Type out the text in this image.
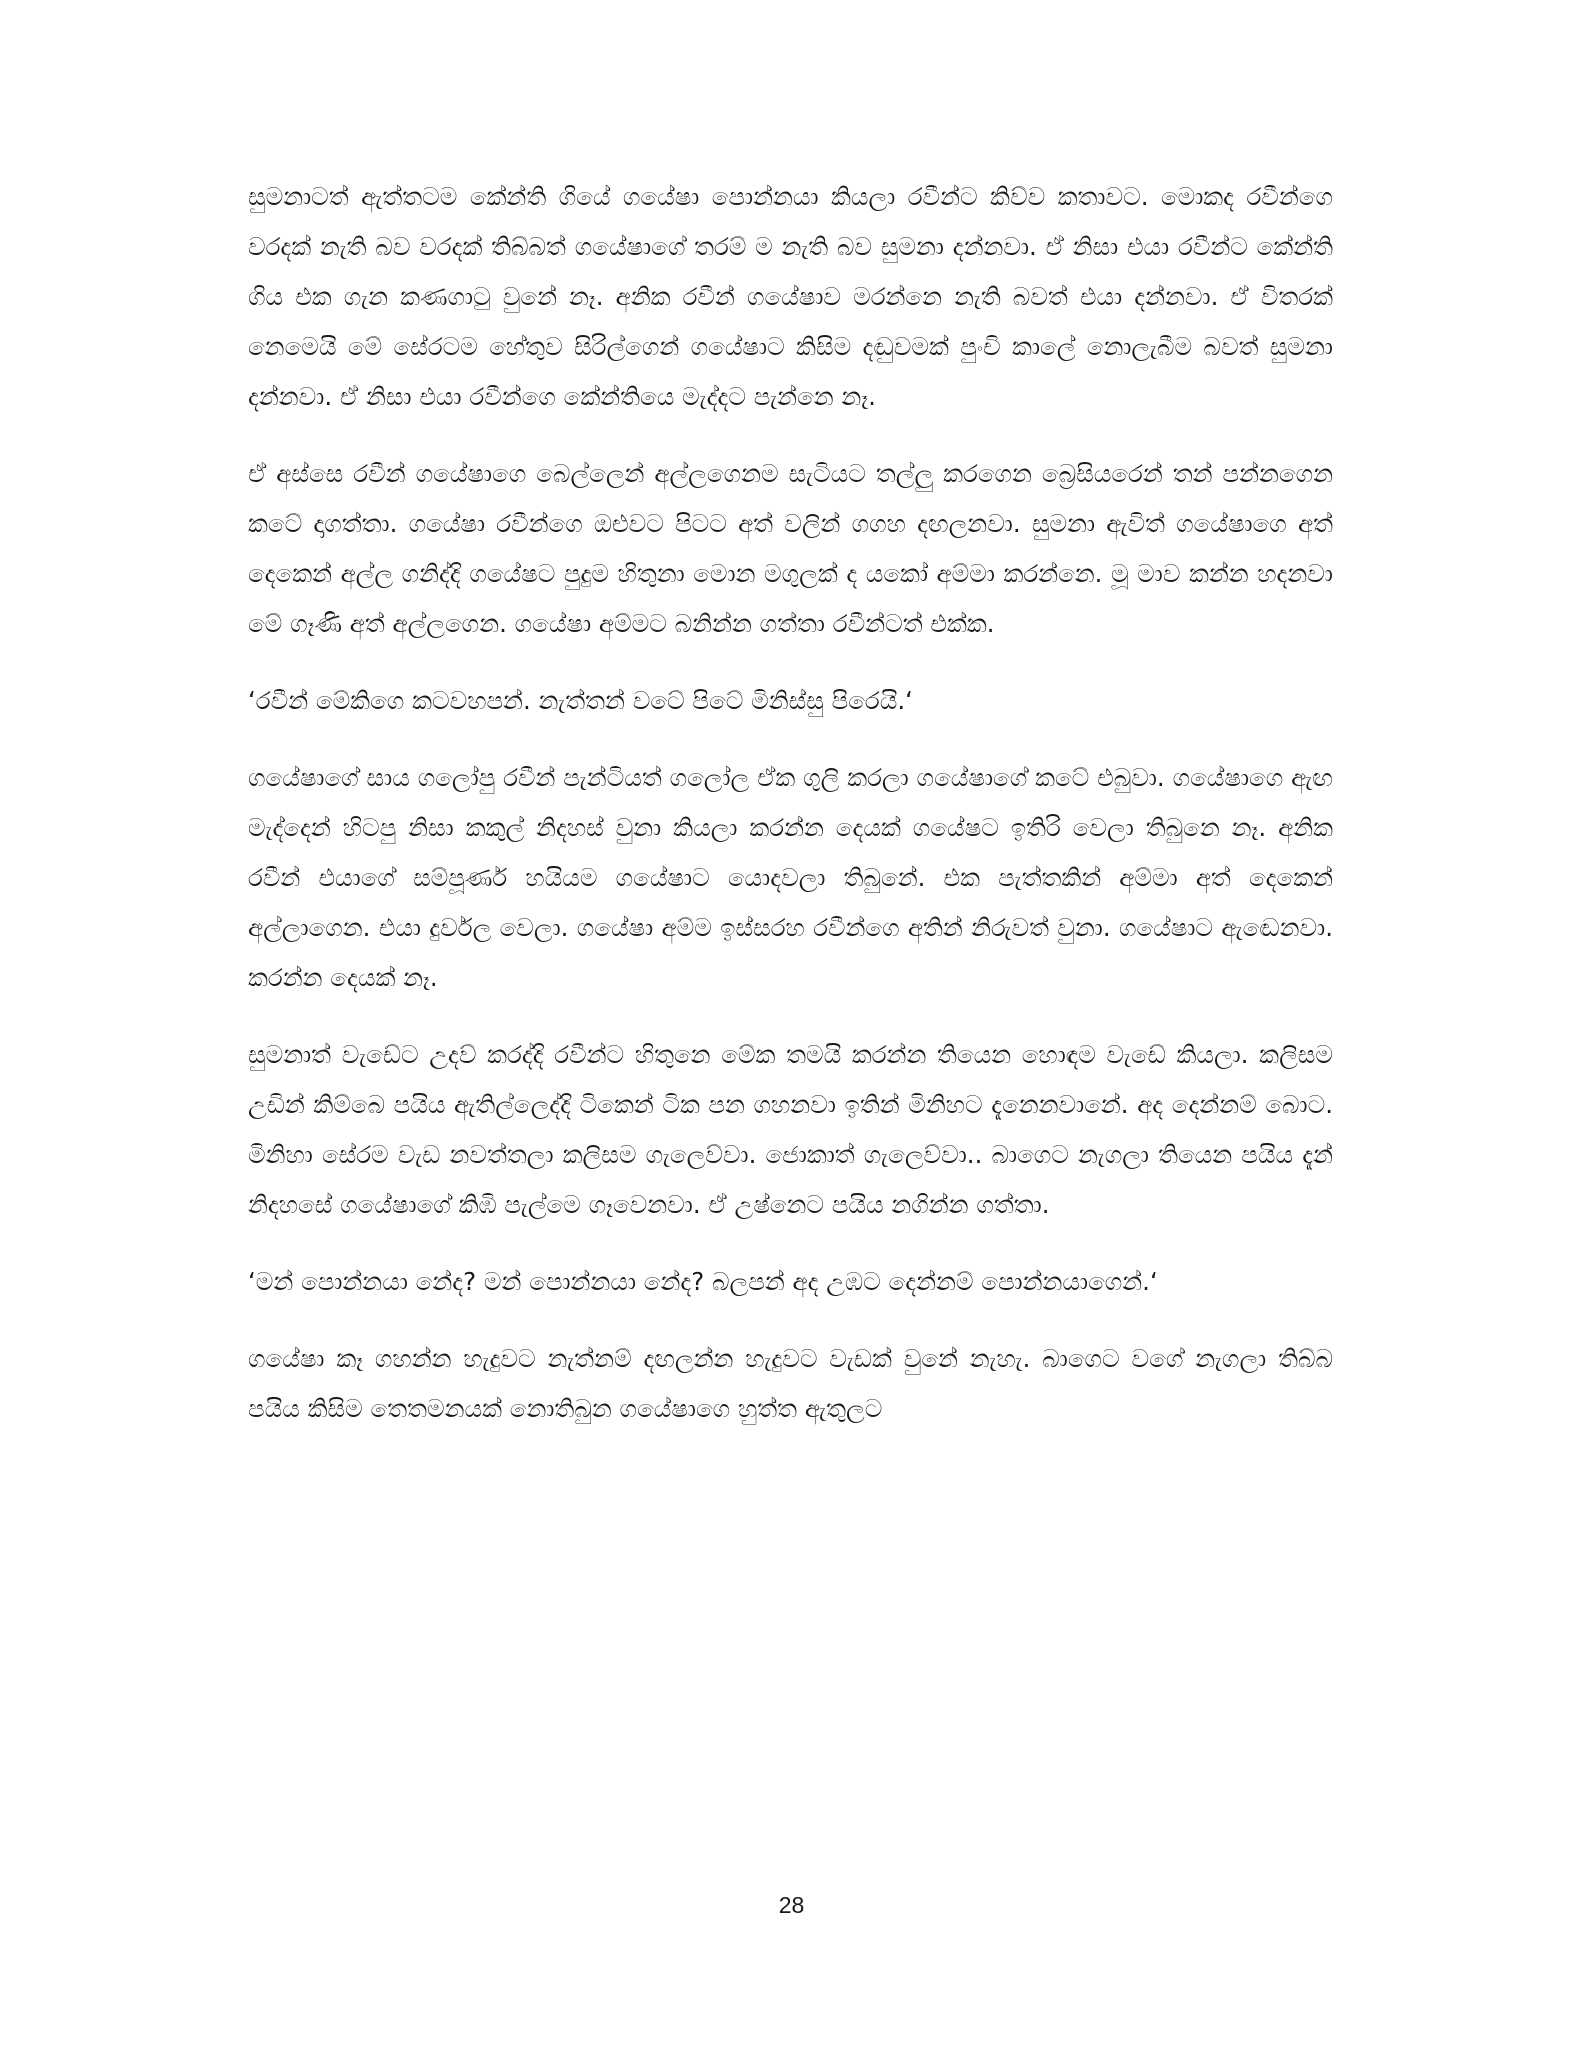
සුමනාටත් ඇත්තටම කේන්ති ගියේ ගයේෂා පොන්නයා කියලා රවීන්ට කිව්ව කතාවට. මොකද රවීන්ගෙ වරදක් නැති බව වරදක් තිබ්බත් ගයේෂාගේ තරම් ම නැති බව සුමනා දන්නවා. ඒ නිසා එයා රවීන්ට කේන්ති ගිය එක ගැන කණගාටු වුනේ නෑ. අනික රවීන් ගයේෂාව මරන්නෙ නැති බවත් එයා දන්නවා. ඒ විතරක් නෙමෙයි මේ සේරටම හේතුව සිරිල්ගෙන් ගයේෂාට කිසිම දඬුවමක් පුංචි කාලේ නොලැබීම බවත් සුමනා දන්නවා. ඒ නිසා එයා රවීන්ගෙ කේන්තියෙ මැද්දට පැන්නෙ නෑ.

ඒ අස්සෙ රවීන් ගයේෂාගෙ බෙල්ලෙන් අල්ලගෙනම සැටියට තල්ලු කරගෙන බ්‍රෙසියරෙන් තන් පන්නගෙන කටේ දාගත්තා. ගයේෂා රවීන්ගෙ ඔළුවට පිටට අත් වලින් ගගහ දඟලනවා. සුමනා ඇවිත් ගයේෂාගෙ අත් දෙකෙන් අල්ල ගනිද්දි ගයේෂට පුදුම හිතුනා මොන මගුලක් ද යකෝ අම්මා කරන්නෙ. මූ මාව කන්න හදනවා මේ ගෑණි අත් අල්ලගෙන. ගයේෂා අම්මට බනින්න ගත්තා රවීන්ටත් එක්ක.

‘රවීන් මේකිගෙ කටවහපන්. නැත්තන් වටේ පිටේ මිනිස්සු පිරෙයි.‘

ගයේෂාගේ සාය ගලෝපු රවීන් පැන්ටියත් ගලෝල ඒක ගුලි කරලා ගයේෂාගේ කටේ එබුවා. ගයේෂාගෙ ඇඟ මැද්දෙන් හිටපු නිසා කකුල් නිදහස් වුනා කියලා කරන්න දෙයක් ගයේෂට ඉතිරි වෙලා තිබුනෙ නෑ. අනික රවීන් එයාගේ සම්පූර්ණ හයියම ගයේෂාට යොදවලා තිබුනේ. එක පැත්තකින් අම්මා අත් දෙකෙන් අල්ලාගෙන. එයා දුර්වල වෙලා. ගයේෂා අම්ම ඉස්සරහ රවීන්ගෙ අතින් නිරුවත් වුනා. ගයේෂාට ඇඬෙනවා. කරන්න දෙයක් නෑ.

සුමනාත් වැඩේට උදව් කරද්දි රවීන්ට හිතුනෙ මේක තමයි කරන්න තියෙන හොඳම වැඩේ කියලා. කලිසම උඩින් කිම්බෙ පයිය ඇතිල්ලෙද්දි ටිකෙන් ටික පන ගහනවා ඉතින් මිනිහට දැනෙනවානේ. අද දෙන්නම් බොට. මිනිහා සේරම වැඩ නවත්තලා කලිසම ගැලෙව්වා. ජොකාත් ගැලෙව්වා.. බාගෙට නැගලා තියෙන පයිය දැන් නිදහසේ ගයේෂාගේ කිඹි පැල්මෙ ගෑවෙනවා. ඒ උෂ්නෙට පයිය නගින්න ගත්තා.

‘මන් පොන්නයා නේද? මන් පොන්නයා නේද? බලපන් අද උඹට දෙන්නම් පොන්නයාගෙන්.‘

ගයේෂා කෑ ගහන්න හැදුවට නැත්නම් දඟලන්න හැදුවට වැඩක් වුනේ නැහැ. බාගෙට වගේ නැගලා තිබ්බ පයිය කිසිම තෙතමනයක් නොතිබුන ගයේෂාගෙ හුත්ත ඇතුලට

28
